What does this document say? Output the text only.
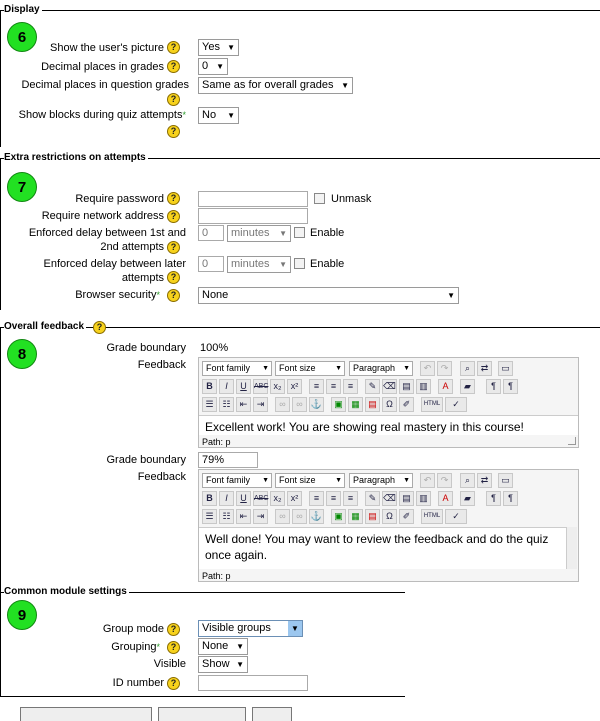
Display
6
Show the user's picture ?	Yes ▼
Decimal places in grades ?	0 ▼
Decimal places in question grades
?
Same as for overall grades ▼
Show blocks during quiz attempts*
?
No ▼
Extra restrictions on attempts
7
Require password ?	Unmask
Require network address ?
Enforced delay between 1st and
2nd attempts ?
0	minutes ▼ Enable
Enforced delay between later
attempts ?
0	minutes ▼ Enable
Browser security*	?	None	▼
Overall feedback	?
8	Grade boundary 100%
Feedback	Font family ▼	Font size	▼	Paragraph ▼	↶	↷	⌕	⇄	▭
B	I	U	ABC x₂	x²	≡	≡	≡	✎ ⌫ ▤ ▥	A	▰	¶	¶
☰ ☷	⇤	⇥	∞	∞ ⚓	▣ ▦ ▤	Ω	✐	HTML	✓
Excellent work! You are showing real mastery in this course!
Path: p
Grade boundary	79%
Feedback	Font family ▼	Font size	▼	Paragraph ▼	↶	↷	⌕	⇄	▭
B	I	U	ABC x₂	x²	≡	≡	≡	✎ ⌫ ▤ ▥	A	▰	¶	¶
☰ ☷	⇤	⇥	∞	∞ ⚓	▣ ▦ ▤	Ω	✐	HTML	✓
Well done! You may want to review the feedback and do the quiz once again.
Path: p
Common module settings
9
Group mode ?	Visible groups	▼
Grouping*	?	None ▼
Visible	Show ▼
ID number ?
